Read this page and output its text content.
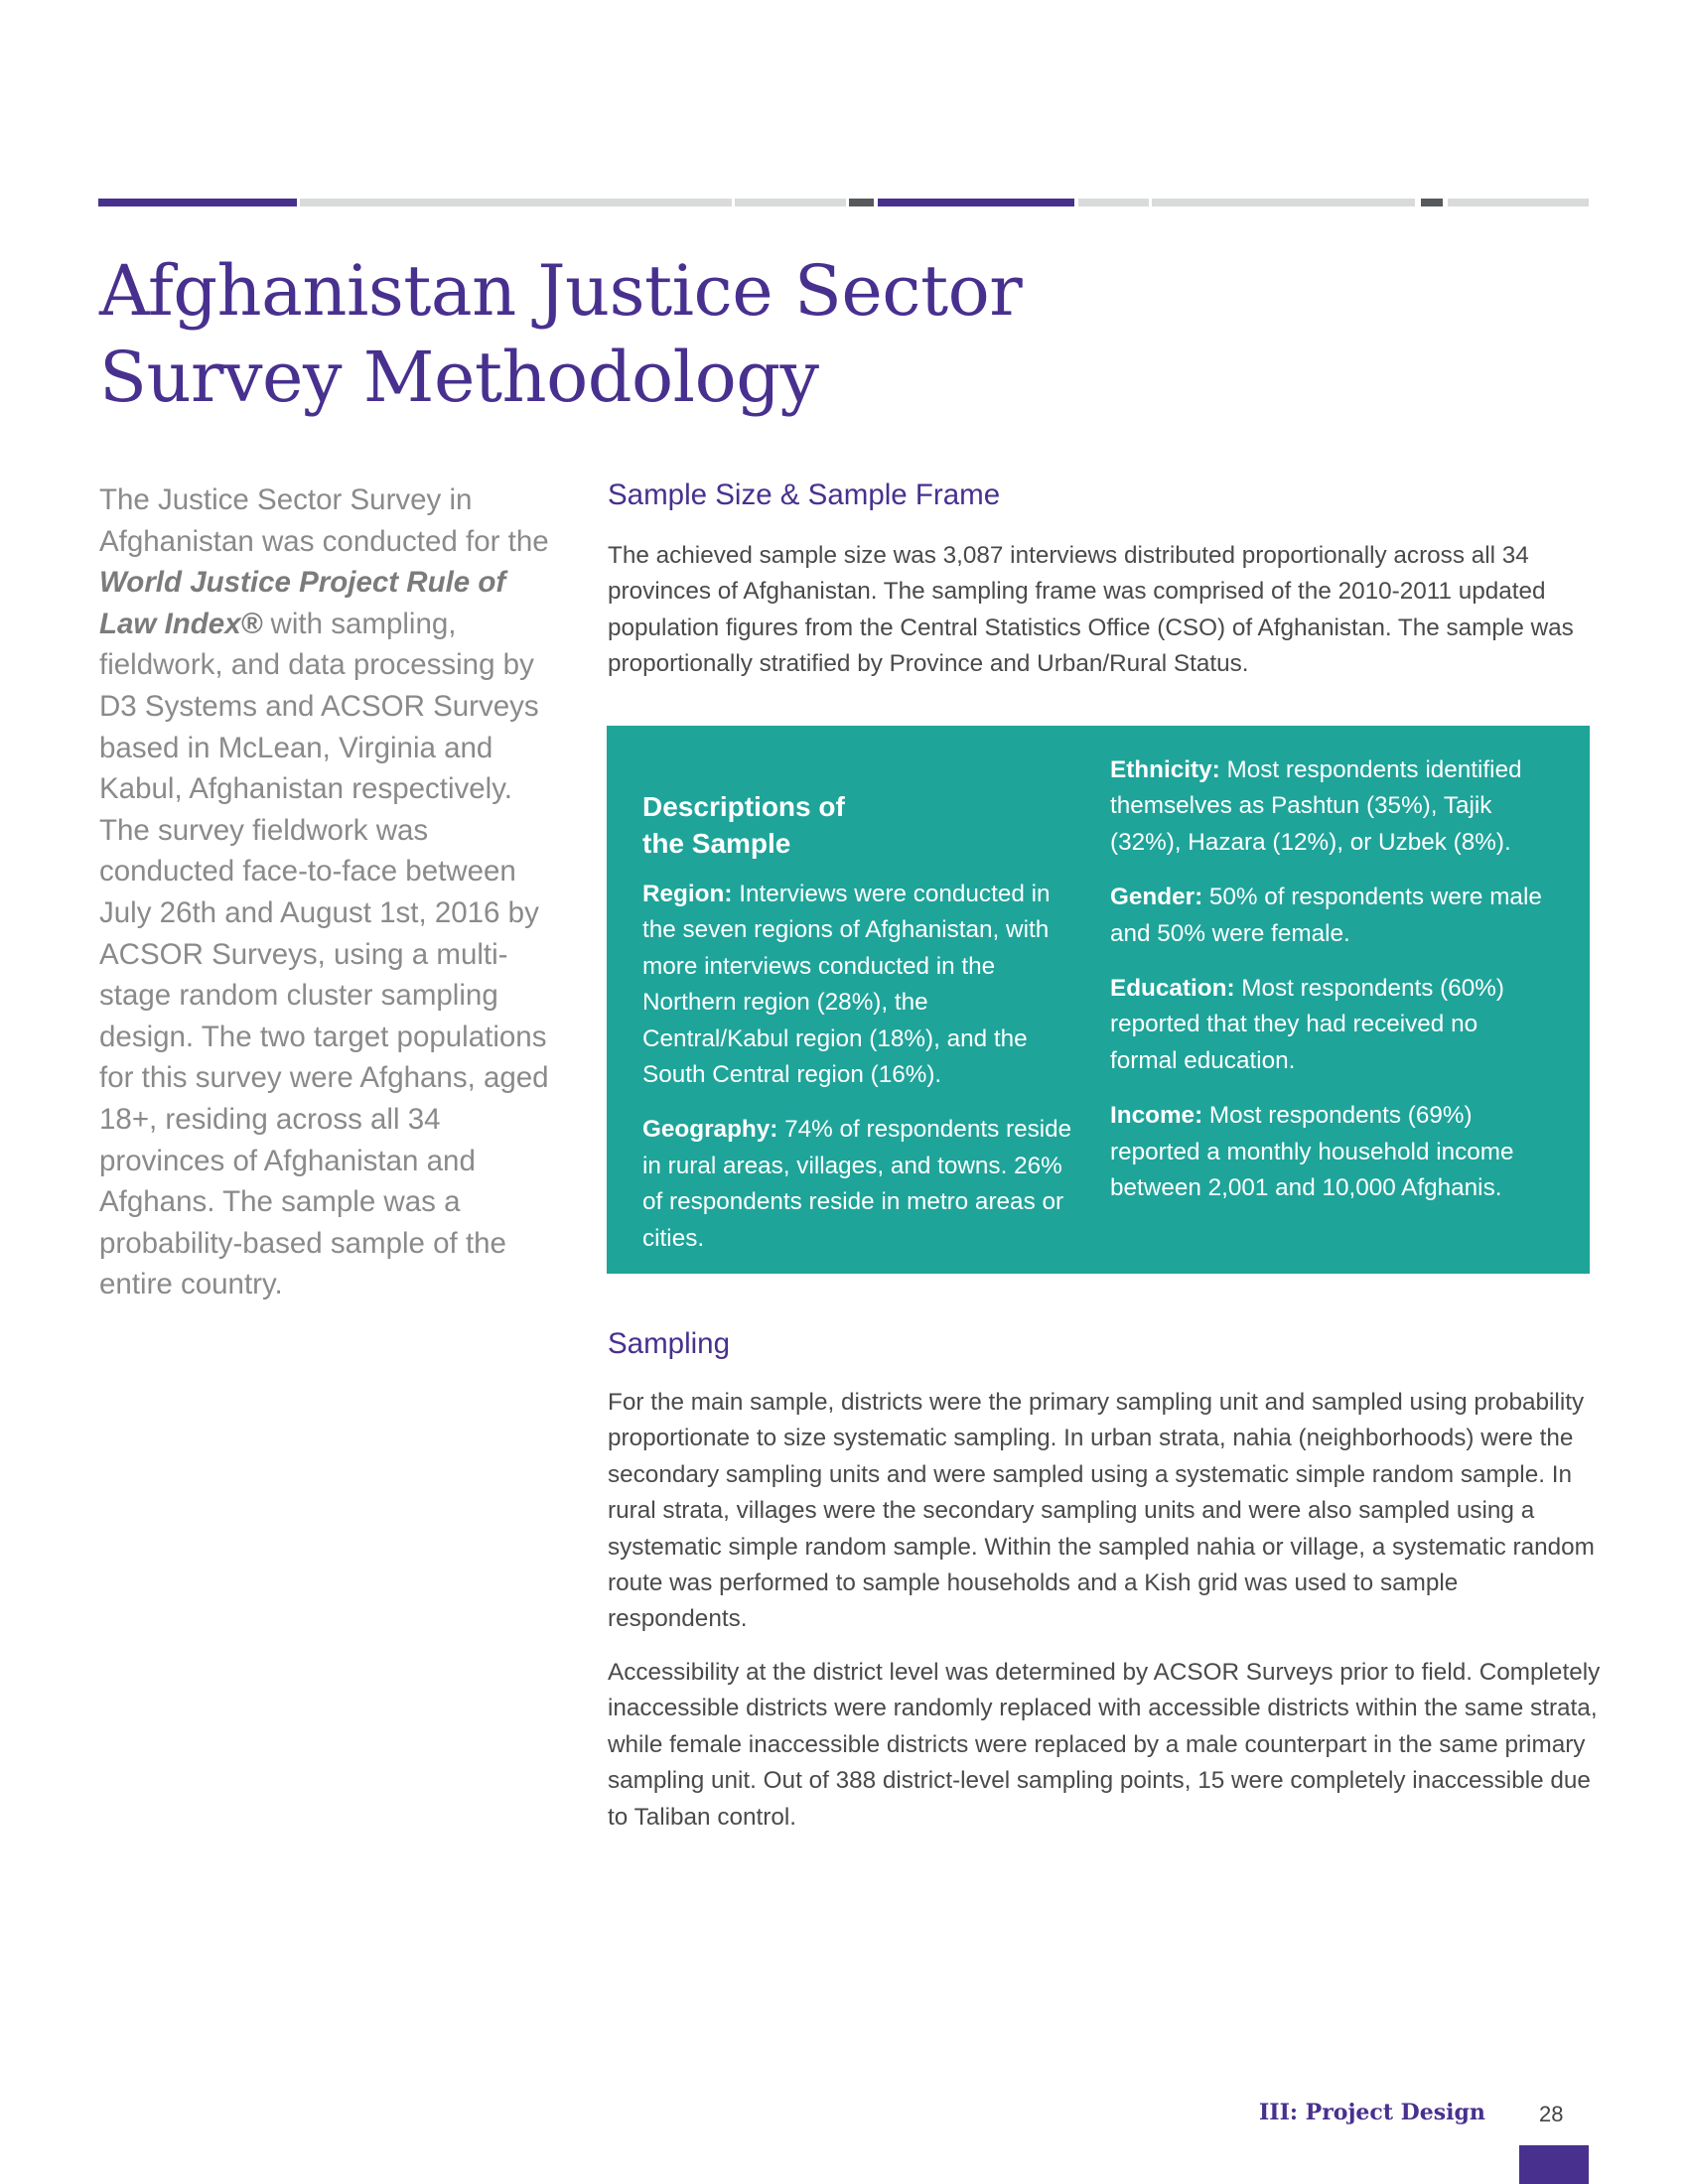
Afghanistan Justice Sector
Survey Methodology

The Justice Sector Survey in Afghanistan was conducted for the World Justice Project Rule of Law Index® with sampling, fieldwork, and data processing by D3 Systems and ACSOR Surveys based in McLean, Virginia and Kabul, Afghanistan respectively. The survey fieldwork was conducted face-to-face between July 26th and August 1st, 2016 by ACSOR Surveys, using a multi-stage random cluster sampling design. The two target populations for this survey were Afghans, aged 18+, residing across all 34 provinces of Afghanistan and Afghans. The sample was a probability-based sample of the entire country.

Sample Size & Sample Frame

The achieved sample size was 3,087 interviews distributed proportionally across all 34 provinces of Afghanistan. The sampling frame was comprised of the 2010-2011 updated population figures from the Central Statistics Office (CSO) of Afghanistan. The sample was proportionally stratified by Province and Urban/Rural Status.

Descriptions of
the Sample

Region: Interviews were conducted in the seven regions of Afghanistan, with more interviews conducted in the Northern region (28%), the Central/Kabul region (18%), and the South Central region (16%).

Geography: 74% of respondents reside in rural areas, villages, and towns. 26% of respondents reside in metro areas or cities.

Ethnicity: Most respondents identified themselves as Pashtun (35%), Tajik (32%), Hazara (12%), or Uzbek (8%).

Gender: 50% of respondents were male and 50% were female.

Education: Most respondents (60%) reported that they had received no formal education.

Income: Most respondents (69%) reported a monthly household income between 2,001 and 10,000 Afghanis.

Sampling

For the main sample, districts were the primary sampling unit and sampled using probability proportionate to size systematic sampling. In urban strata, nahia (neighborhoods) were the secondary sampling units and were sampled using a systematic simple random sample. In rural strata, villages were the secondary sampling units and were also sampled using a systematic simple random sample. Within the sampled nahia or village, a systematic random route was performed to sample households and a Kish grid was used to sample respondents.

Accessibility at the district level was determined by ACSOR Surveys prior to field. Completely inaccessible districts were randomly replaced with accessible districts within the same strata, while female inaccessible districts were replaced by a male counterpart in the same primary sampling unit. Out of 388 district-level sampling points, 15 were completely inaccessible due to Taliban control.

III: Project Design 28
